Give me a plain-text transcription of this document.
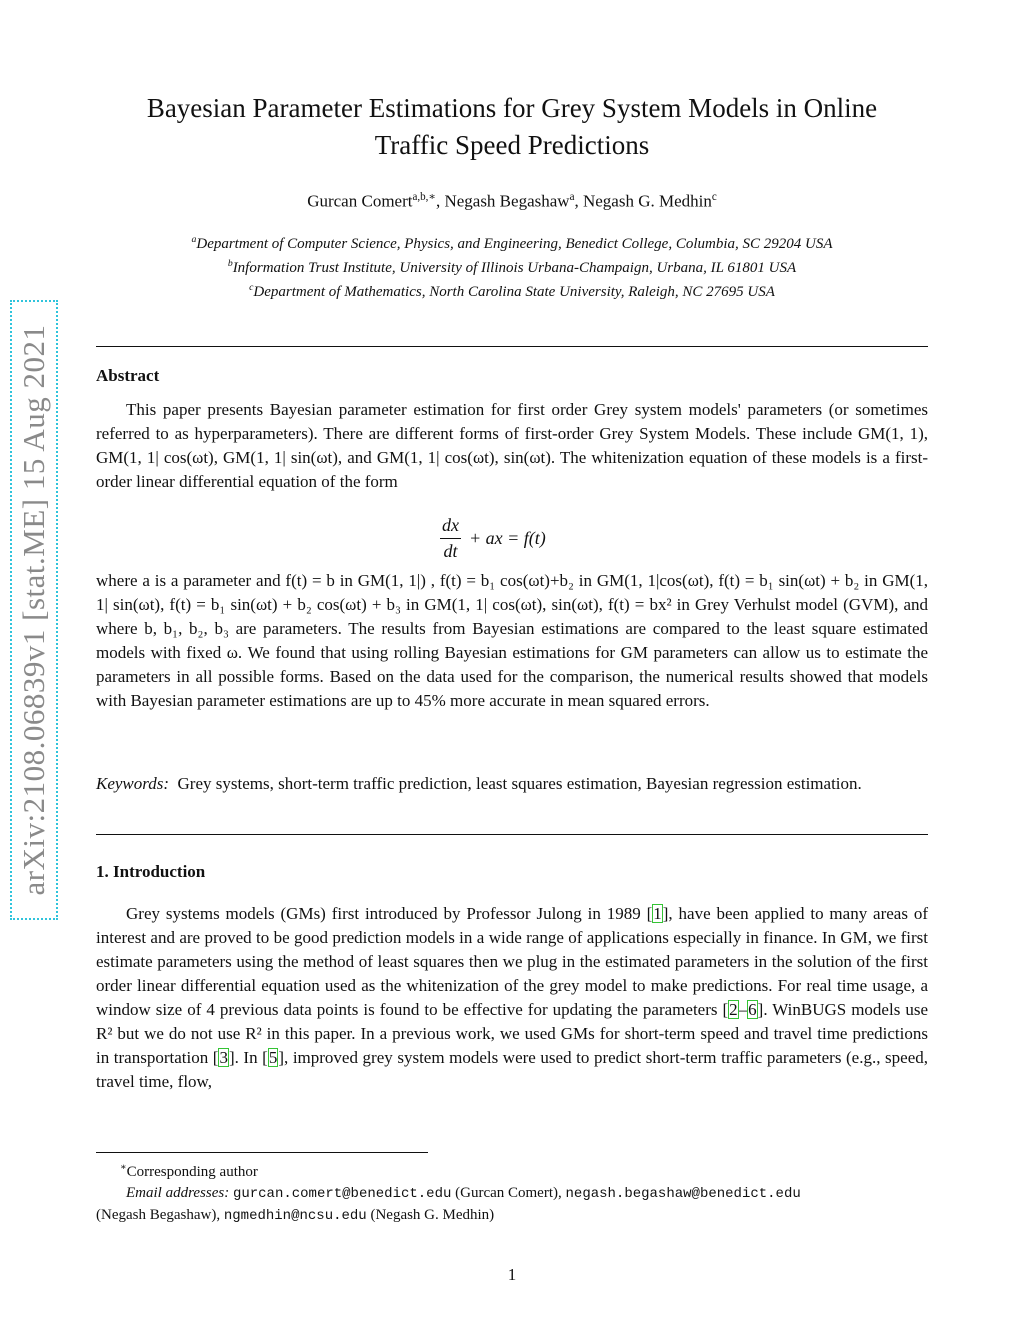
arXiv:2108.06839v1 [stat.ME] 15 Aug 2021
Bayesian Parameter Estimations for Grey System Models in Online
Traffic Speed Predictions
Gurcan Comert$^{a,b,∗}$, Negash Begashaw$^a$, Negash G. Medhin$^c$
$^a$Department of Computer Science, Physics, and Engineering, Benedict College, Columbia, SC 29204 USA
$^b$Information Trust Institute, University of Illinois Urbana-Champaign, Urbana, IL 61801 USA
$^c$Department of Mathematics, North Carolina State University, Raleigh, NC 27695 USA
Abstract

This paper presents Bayesian parameter estimation for first order Grey system models' parameters (or sometimes referred to as hyperparameters). There are different forms of first-order Grey System Models. These include GM(1, 1), GM(1, 1| cos(ωt), GM(1, 1| sin(ωt), and GM(1, 1| cos(ωt), sin(ωt). The whitenization equation of these models is a first-order linear differential equation of the form

$\frac{dx}{dt}$ + ax = f(t)

where a is a parameter and f(t) = b in GM(1, 1|) , f(t) = b₁ cos(ωt)+b₂ in GM(1, 1|cos(ωt), f(t) = b₁ sin(ωt) + b₂ in GM(1, 1| sin(ωt), f(t) = b₁ sin(ωt) + b₂ cos(ωt) + b₃ in GM(1, 1| cos(ωt), sin(ωt), f(t) = bx² in Grey Verhulst model (GVM), and where b, b₁, b₂, b₃ are parameters. The results from Bayesian estimations are compared to the least square estimated models with fixed ω. We found that using rolling Bayesian estimations for GM parameters can allow us to estimate the parameters in all possible forms. Based on the data used for the comparison, the numerical results showed that models with Bayesian parameter estimations are up to 45% more accurate in mean squared errors.

Keywords: Grey systems, short-term traffic prediction, least squares estimation, Bayesian regression estimation.

1. Introduction

Grey systems models (GMs) first introduced by Professor Julong in 1989 [1], have been applied to many areas of interest and are proved to be good prediction models in a wide range of applications especially in finance. In GM, we first estimate parameters using the method of least squares then we plug in the estimated parameters in the solution of the first order linear differential equation used as the whitenization of the grey model to make predictions. For real time usage, a window size of 4 previous data points is found to be effective for updating the parameters [2–6]. WinBUGS models use R² but we do not use R² in this paper. In a previous work, we used GMs for short-term speed and travel time predictions in transportation [3]. In [5], improved grey system models were used to predict short-term traffic parameters (e.g., speed, travel time, flow,

∗Corresponding author
Email addresses: gurcan.comert@benedict.edu (Gurcan Comert), negash.begashaw@benedict.edu
(Negash Begashaw), ngmedhin@ncsu.edu (Negash G. Medhin)
1
